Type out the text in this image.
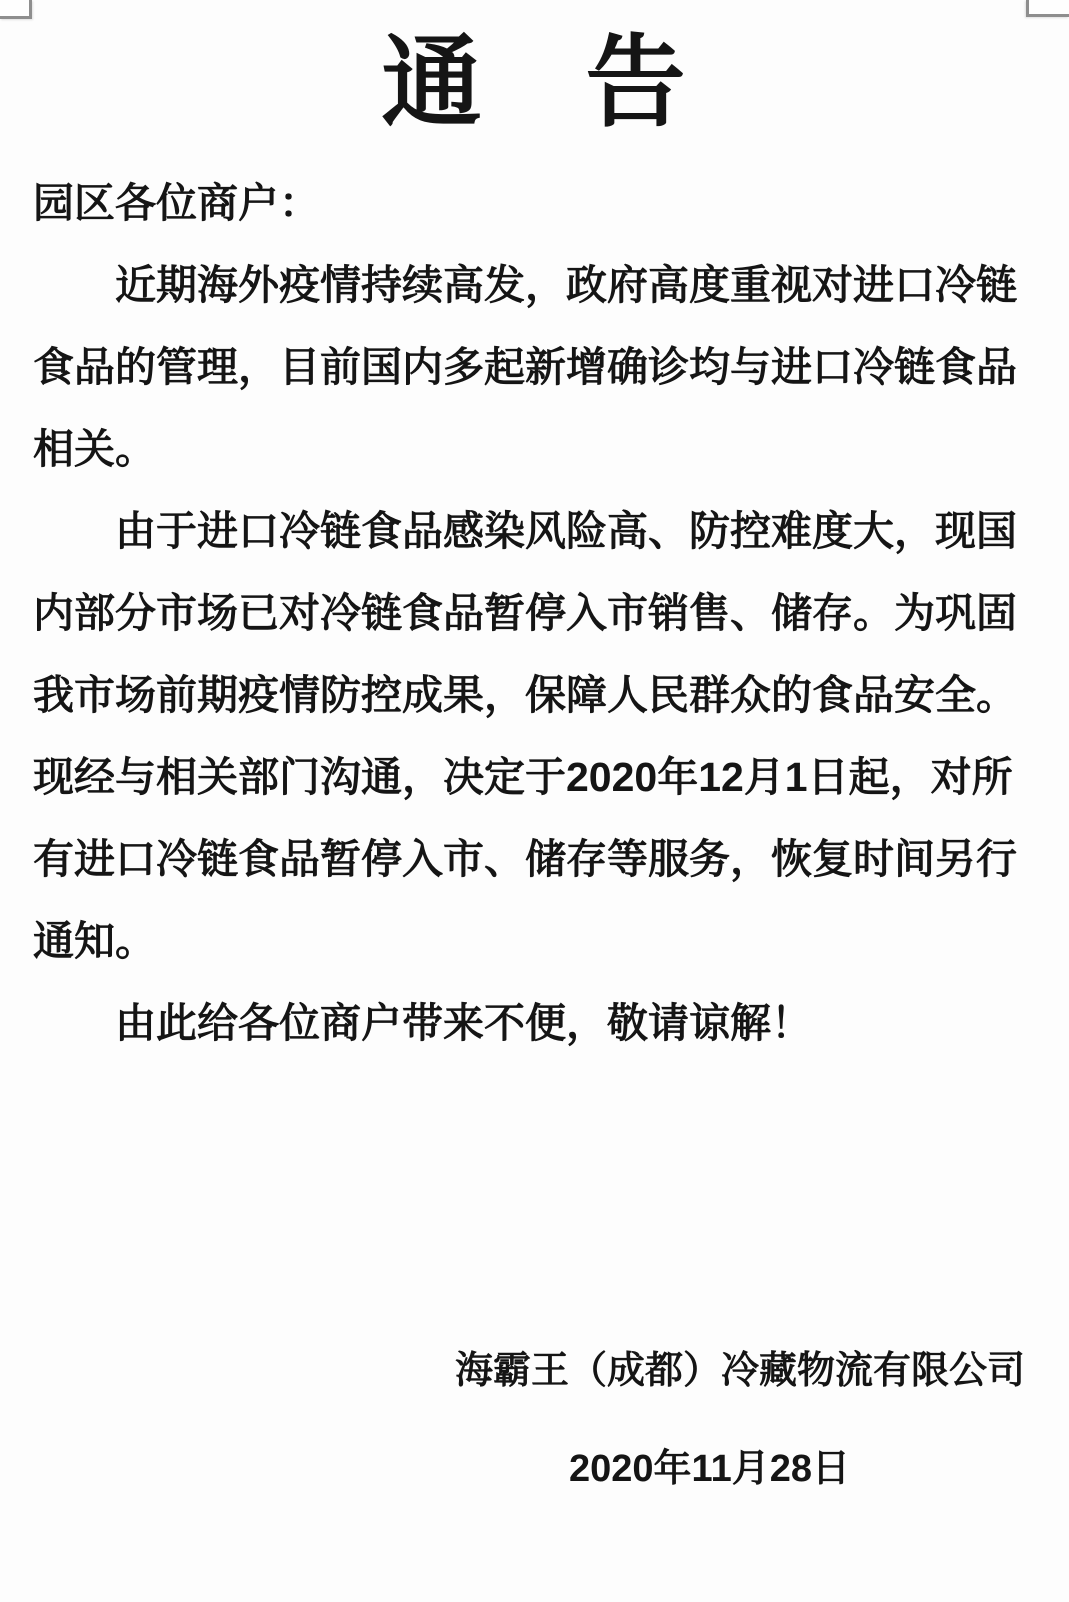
通　告
园区各位商户：
　　近期海外疫情持续高发，政府高度重视对进口冷链
食品的管理，目前国内多起新增确诊均与进口冷链食品
相关。
　　由于进口冷链食品感染风险高、防控难度大，现国
内部分市场已对冷链食品暂停入市销售、储存。为巩固
我市场前期疫情防控成果，保障人民群众的食品安全。
现经与相关部门沟通，决定于2020年12月1日起，对所
有进口冷链食品暂停入市、储存等服务，恢复时间另行
通知。
　　由此给各位商户带来不便，敬请谅解！
海霸王（成都）冷藏物流有限公司
2020年11月28日
